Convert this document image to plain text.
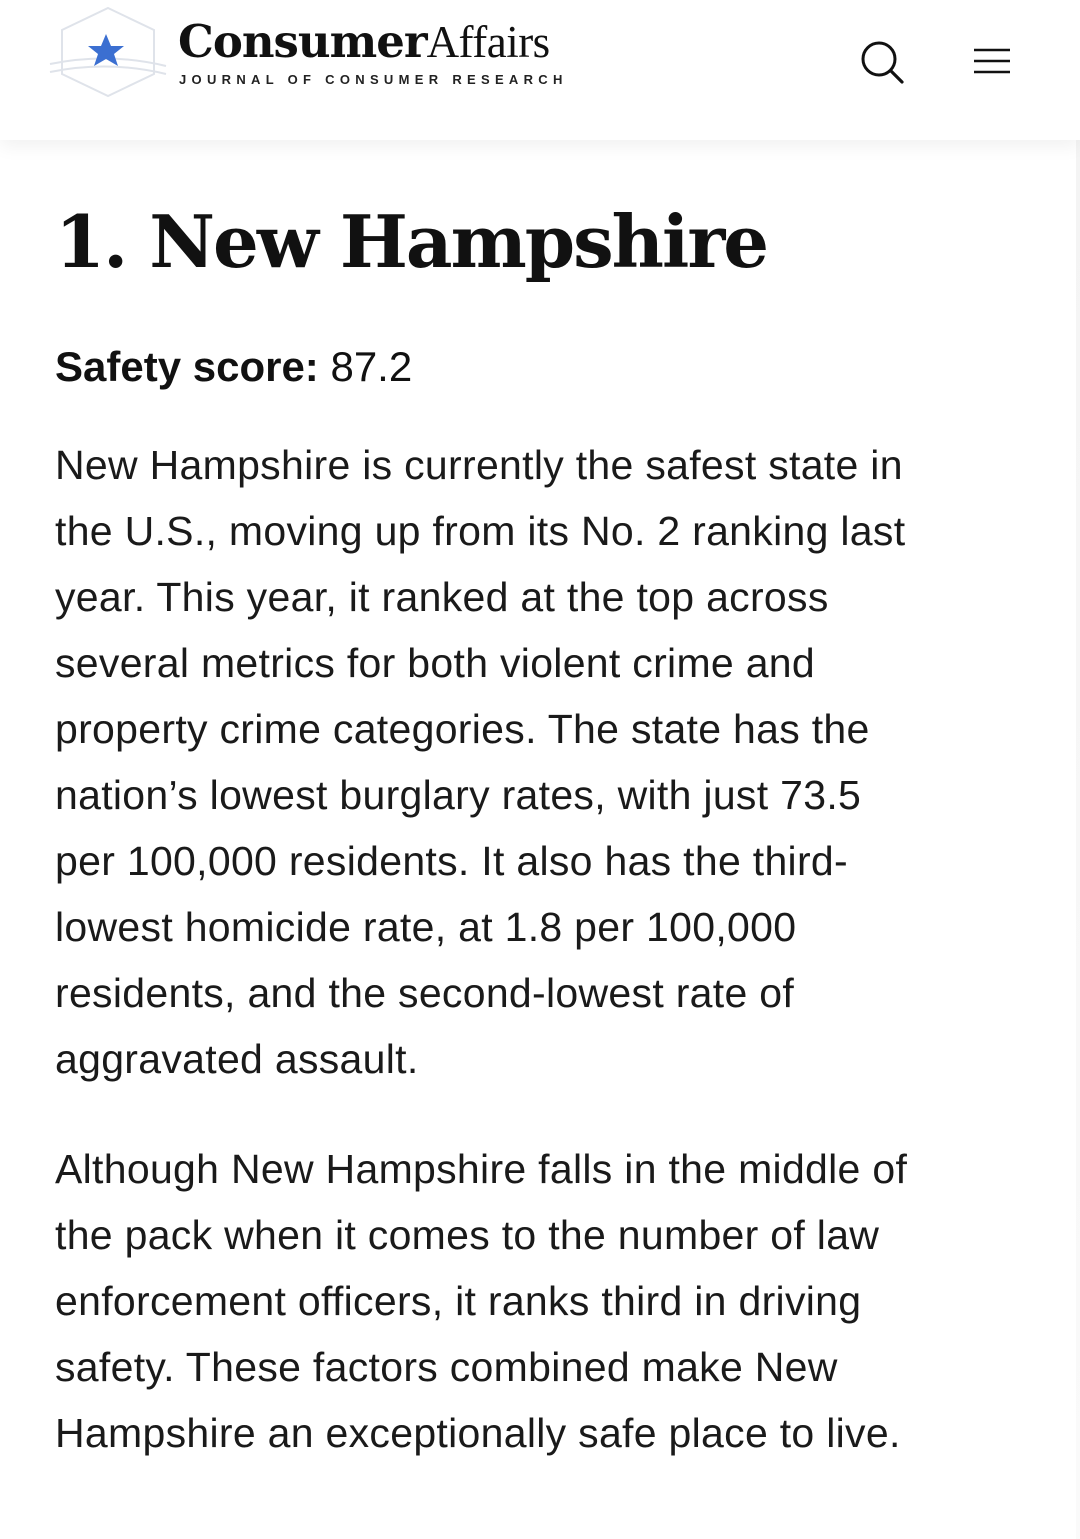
ConsumerAffairs
JOURNAL OF CONSUMER RESEARCH
1. New Hampshire

Safety score: 87.2

New Hampshire is currently the safest state in
the U.S., moving up from its No. 2 ranking last
year. This year, it ranked at the top across
several metrics for both violent crime and
property crime categories. The state has the
nation’s lowest burglary rates, with just 73.5
per 100,000 residents. It also has the third-
lowest homicide rate, at 1.8 per 100,000
residents, and the second-lowest rate of
aggravated assault.

Although New Hampshire falls in the middle of
the pack when it comes to the number of law
enforcement officers, it ranks third in driving
safety. These factors combined make New
Hampshire an exceptionally safe place to live.
